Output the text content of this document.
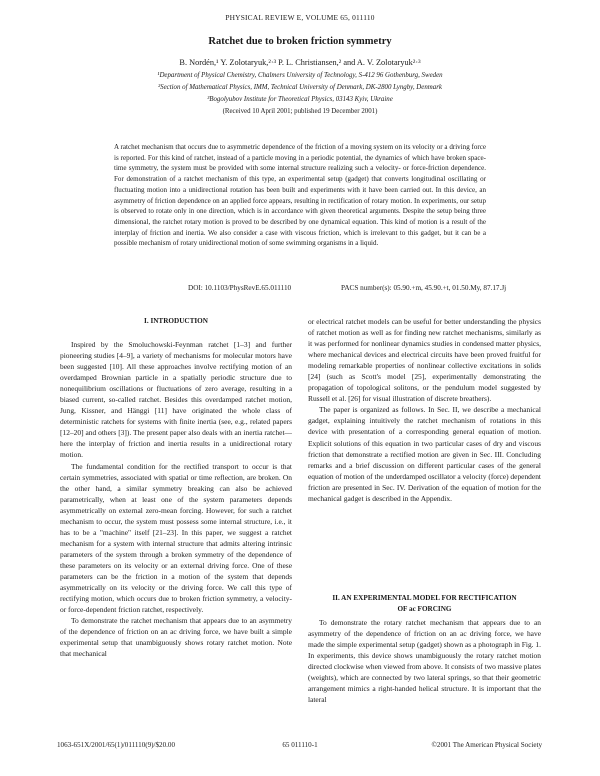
PHYSICAL REVIEW E, VOLUME 65, 011110
Ratchet due to broken friction symmetry
B. Nordén,¹ Y. Zolotaryuk,²·³ P. L. Christiansen,² and A. V. Zolotaryuk²·³
¹Department of Physical Chemistry, Chalmers University of Technology, S-412 96 Gothenburg, Sweden
²Section of Mathematical Physics, IMM, Technical University of Denmark, DK-2800 Lyngby, Denmark
³Bogolyubov Institute for Theoretical Physics, 03143 Kyiv, Ukraine
(Received 10 April 2001; published 19 December 2001)
A ratchet mechanism that occurs due to asymmetric dependence of the friction of a moving system on its velocity or a driving force is reported. For this kind of ratchet, instead of a particle moving in a periodic potential, the dynamics of which have broken space-time symmetry, the system must be provided with some internal structure realizing such a velocity- or force-friction dependence. For demonstration of a ratchet mechanism of this type, an experimental setup (gadget) that converts longitudinal oscillating or fluctuating motion into a unidirectional rotation has been built and experiments with it have been carried out. In this device, an asymmetry of friction dependence on an applied force appears, resulting in rectification of rotary motion. In experiments, our setup is observed to rotate only in one direction, which is in accordance with given theoretical arguments. Despite the setup being three dimensional, the ratchet rotary motion is proved to be described by one dynamical equation. This kind of motion is a result of the interplay of friction and inertia. We also consider a case with viscous friction, which is irrelevant to this gadget, but it can be a possible mechanism of rotary unidirectional motion of some swimming organisms in a liquid.
DOI: 10.1103/PhysRevE.65.011110	PACS number(s): 05.90.+m, 45.90.+t, 01.50.My, 87.17.Jj
I. INTRODUCTION

Inspired by the Smoluchowski-Feynman ratchet [1–3] and further pioneering studies [4–9], a variety of mechanisms for molecular motors have been suggested [10]. All these approaches involve rectifying motion of an overdamped Brownian particle in a spatially periodic structure due to nonequilibrium oscillations or fluctuations of zero average, resulting in a biased current, so-called ratchet. Besides this overdamped ratchet motion, Jung, Kissner, and Hänggi [11] have originated the whole class of deterministic ratchets for systems with finite inertia (see, e.g., related papers [12–20] and others [3]). The present paper also deals with an inertia ratchet—here the interplay of friction and inertia results in a unidirectional rotary motion.

The fundamental condition for the rectified transport to occur is that certain symmetries, associated with spatial or time reflection, are broken. On the other hand, a similar symmetry breaking can also be achieved parametrically, when at least one of the system parameters depends asymmetrically on external zero-mean forcing. However, for such a ratchet mechanism to occur, the system must possess some internal structure, i.e., it has to be a "machine" itself [21–23]. In this paper, we suggest a ratchet mechanism for a system with internal structure that admits altering intrinsic parameters of the system through a broken symmetry of the dependence of these parameters on its velocity or an external driving force. One of these parameters can be the friction in a motion of the system that depends asymmetrically on its velocity or the driving force. We call this type of rectifying motion, which occurs due to broken friction symmetry, a velocity- or force-dependent friction ratchet, respectively.

To demonstrate the ratchet mechanism that appears due to an asymmetry of the dependence of friction on an ac driving force, we have built a simple experimental setup that unambiguously shows rotary ratchet motion. Note that mechanical

or electrical ratchet models can be useful for better understanding the physics of ratchet motion as well as for finding new ratchet mechanisms, similarly as it was performed for nonlinear dynamics studies in condensed matter physics, where mechanical devices and electrical circuits have been proved fruitful for modeling remarkable properties of nonlinear collective excitations in solids [24] (such as Scott's model [25], experimentally demonstrating the propagation of topological solitons, or the pendulum model suggested by Russell et al. [26] for visual illustration of discrete breathers).

The paper is organized as follows. In Sec. II, we describe a mechanical gadget, explaining intuitively the ratchet mechanism of rotations in this device with presentation of a corresponding general equation of motion. Explicit solutions of this equation in two particular cases of dry and viscous friction that demonstrate a rectified motion are given in Sec. III. Concluding remarks and a brief discussion on different particular cases of the general equation of motion of the underdamped oscillator a velocity (force) dependent friction are presented in Sec. IV. Derivation of the equation of motion for the mechanical gadget is described in the Appendix.

II. AN EXPERIMENTAL MODEL FOR RECTIFICATION
OF ac FORCING

To demonstrate the rotary ratchet mechanism that appears due to an asymmetry of the dependence of friction on an ac driving force, we have made the simple experimental setup (gadget) shown as a photograph in Fig. 1. In experiments, this device shows unambiguously the rotary ratchet motion directed clockwise when viewed from above. It consists of two massive plates (weights), which are connected by two lateral springs, so that their geometric arrangement mimics a right-handed helical structure. It is important that the lateral

1063-651X/2001/65(1)/011110(9)/$20.00	65 011110-1	©2001 The American Physical Society
